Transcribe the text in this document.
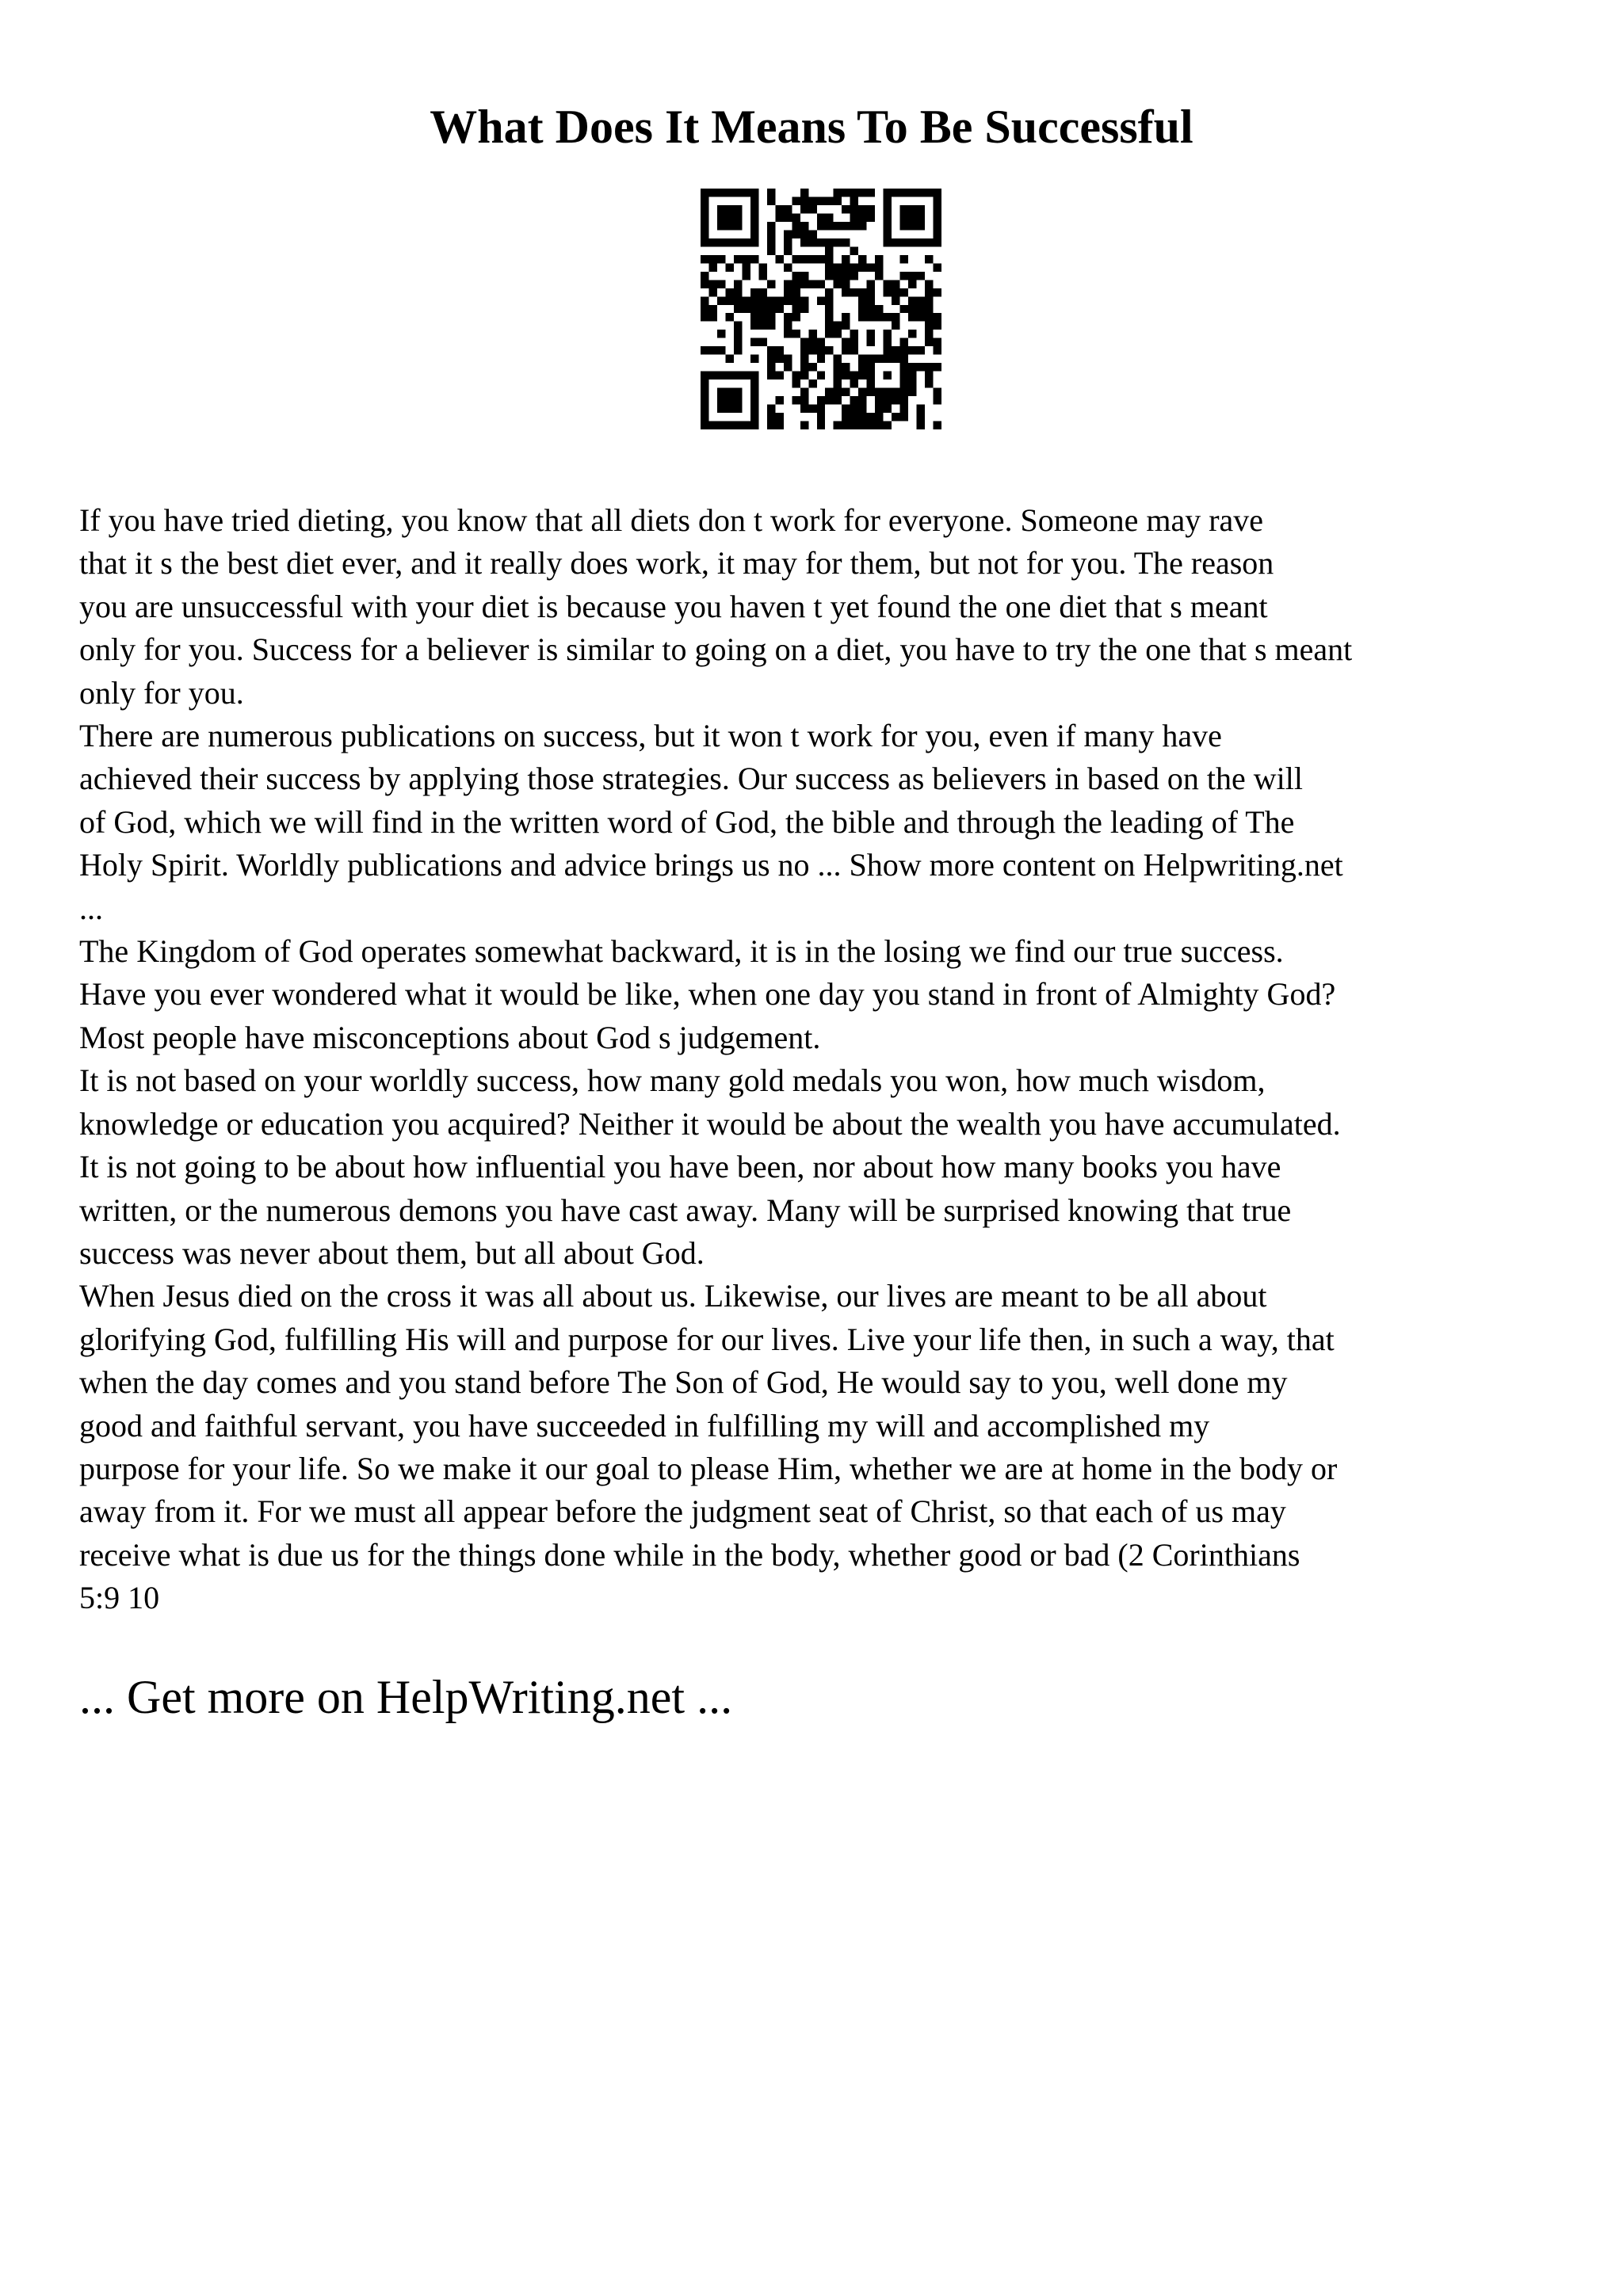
What Does It Means To Be Successful
If you have tried dieting, you know that all diets don t work for everyone. Someone may rave
that it s the best diet ever, and it really does work, it may for them, but not for you. The reason
you are unsuccessful with your diet is because you haven t yet found the one diet that s meant
only for you. Success for a believer is similar to going on a diet, you have to try the one that s meant
only for you.
There are numerous publications on success, but it won t work for you, even if many have
achieved their success by applying those strategies. Our success as believers in based on the will
of God, which we will find in the written word of God, the bible and through the leading of The
Holy Spirit. Worldly publications and advice brings us no ... Show more content on Helpwriting.net
...
The Kingdom of God operates somewhat backward, it is in the losing we find our true success.
Have you ever wondered what it would be like, when one day you stand in front of Almighty God?
Most people have misconceptions about God s judgement.
It is not based on your worldly success, how many gold medals you won, how much wisdom,
knowledge or education you acquired? Neither it would be about the wealth you have accumulated.
It is not going to be about how influential you have been, nor about how many books you have
written, or the numerous demons you have cast away. Many will be surprised knowing that true
success was never about them, but all about God.
When Jesus died on the cross it was all about us. Likewise, our lives are meant to be all about
glorifying God, fulfilling His will and purpose for our lives. Live your life then, in such a way, that
when the day comes and you stand before The Son of God, He would say to you, well done my
good and faithful servant, you have succeeded in fulfilling my will and accomplished my
purpose for your life. So we make it our goal to please Him, whether we are at home in the body or
away from it. For we must all appear before the judgment seat of Christ, so that each of us may
receive what is due us for the things done while in the body, whether good or bad (2 Corinthians
5:9 10
... Get more on HelpWriting.net ...
